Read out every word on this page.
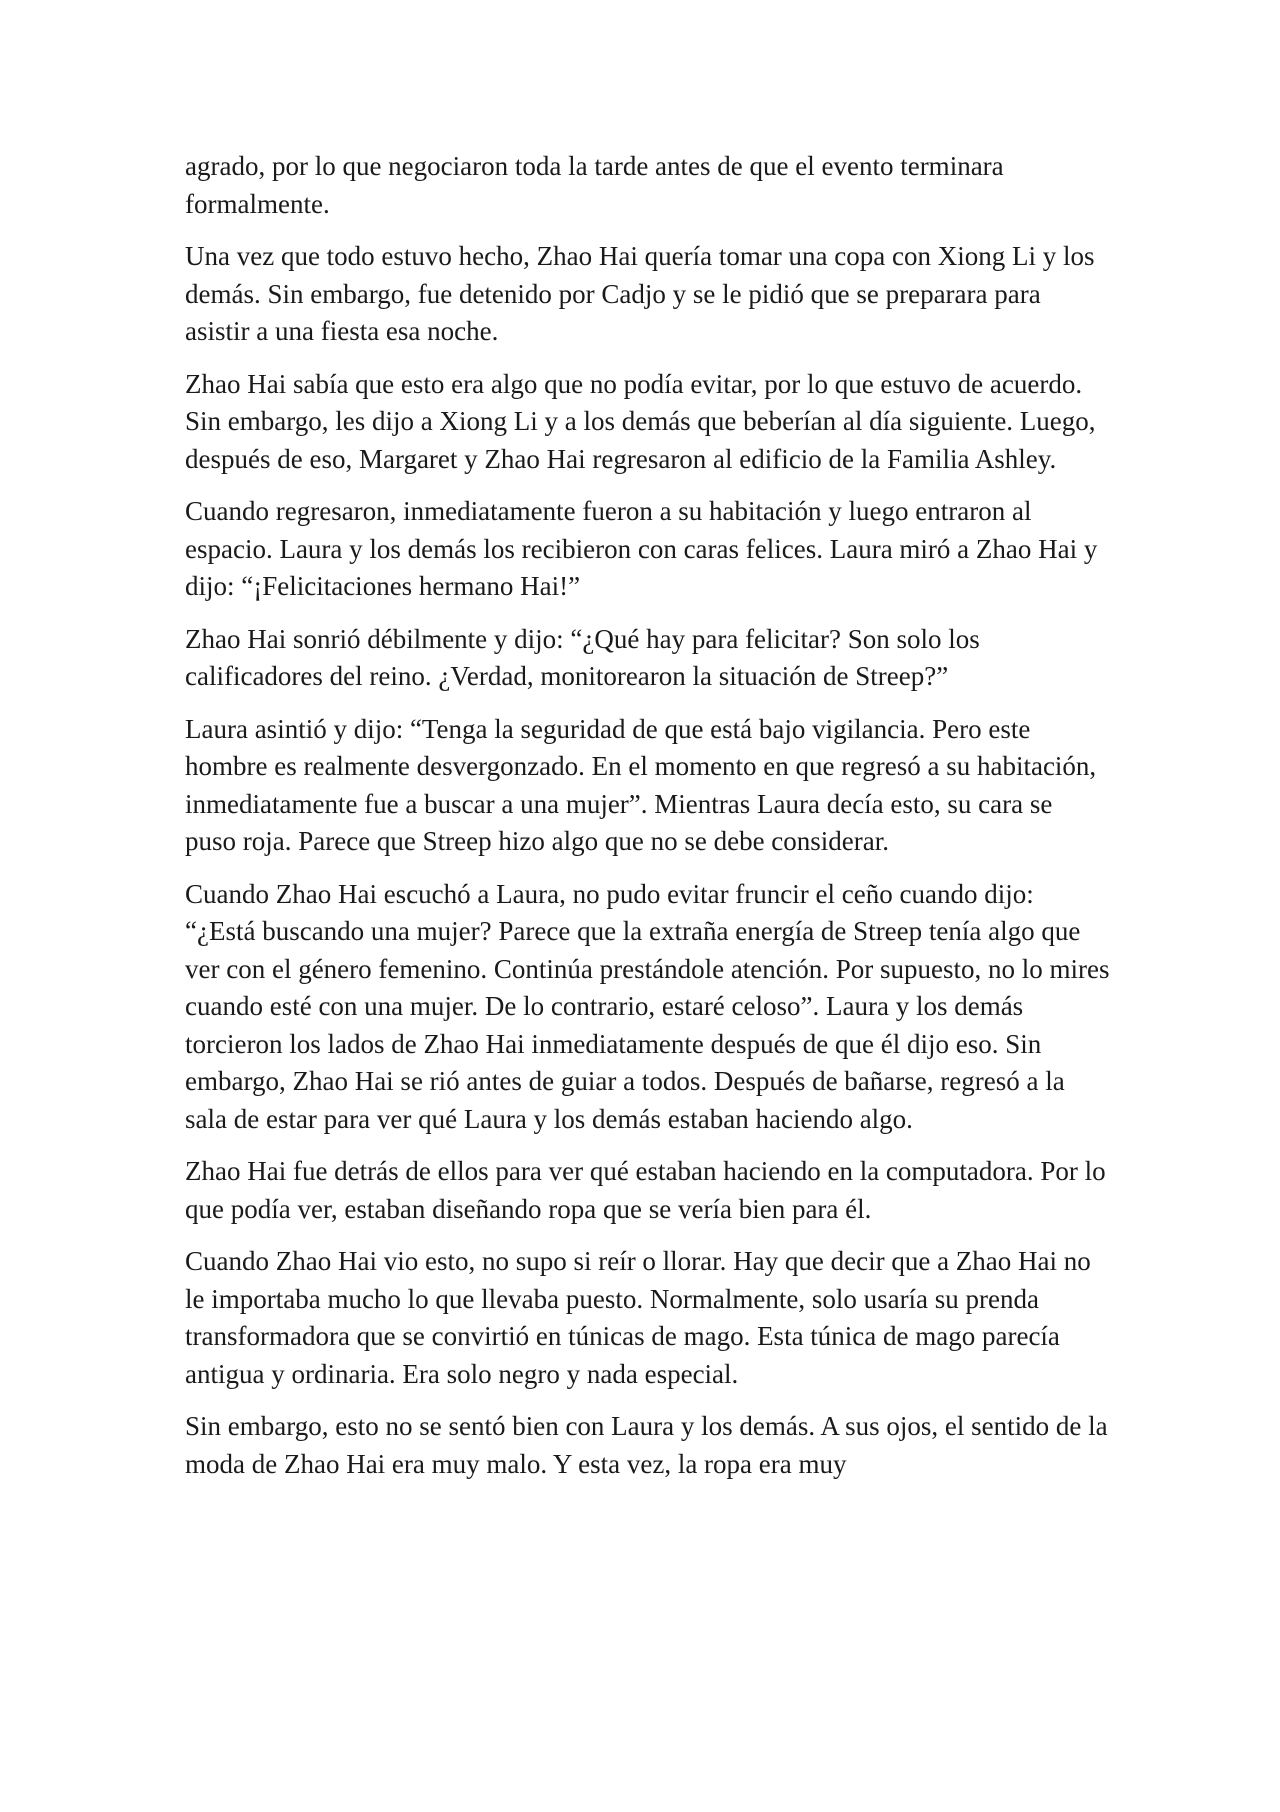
agrado, por lo que negociaron toda la tarde antes de que el evento terminara formalmente.

Una vez que todo estuvo hecho, Zhao Hai quería tomar una copa con Xiong Li y los demás. Sin embargo, fue detenido por Cadjo y se le pidió que se preparara para asistir a una fiesta esa noche.

Zhao Hai sabía que esto era algo que no podía evitar, por lo que estuvo de acuerdo. Sin embargo, les dijo a Xiong Li y a los demás que beberían al día siguiente. Luego, después de eso, Margaret y Zhao Hai regresaron al edificio de la Familia Ashley.

Cuando regresaron, inmediatamente fueron a su habitación y luego entraron al espacio. Laura y los demás los recibieron con caras felices. Laura miró a Zhao Hai y dijo: “¡Felicitaciones hermano Hai!”

Zhao Hai sonrió débilmente y dijo: “¿Qué hay para felicitar? Son solo los calificadores del reino. ¿Verdad, monitorearon la situación de Streep?”

Laura asintió y dijo: “Tenga la seguridad de que está bajo vigilancia. Pero este hombre es realmente desvergonzado. En el momento en que regresó a su habitación, inmediatamente fue a buscar a una mujer”. Mientras Laura decía esto, su cara se puso roja. Parece que Streep hizo algo que no se debe considerar.

Cuando Zhao Hai escuchó a Laura, no pudo evitar fruncir el ceño cuando dijo: “¿Está buscando una mujer? Parece que la extraña energía de Streep tenía algo que ver con el género femenino. Continúa prestándole atención. Por supuesto, no lo mires cuando esté con una mujer. De lo contrario, estaré celoso”. Laura y los demás torcieron los lados de Zhao Hai inmediatamente después de que él dijo eso. Sin embargo, Zhao Hai se rió antes de guiar a todos. Después de bañarse, regresó a la sala de estar para ver qué Laura y los demás estaban haciendo algo.

Zhao Hai fue detrás de ellos para ver qué estaban haciendo en la computadora. Por lo que podía ver, estaban diseñando ropa que se vería bien para él.

Cuando Zhao Hai vio esto, no supo si reír o llorar. Hay que decir que a Zhao Hai no le importaba mucho lo que llevaba puesto. Normalmente, solo usaría su prenda transformadora que se convirtió en túnicas de mago. Esta túnica de mago parecía antigua y ordinaria. Era solo negro y nada especial.

Sin embargo, esto no se sentó bien con Laura y los demás. A sus ojos, el sentido de la moda de Zhao Hai era muy malo. Y esta vez, la ropa era muy
